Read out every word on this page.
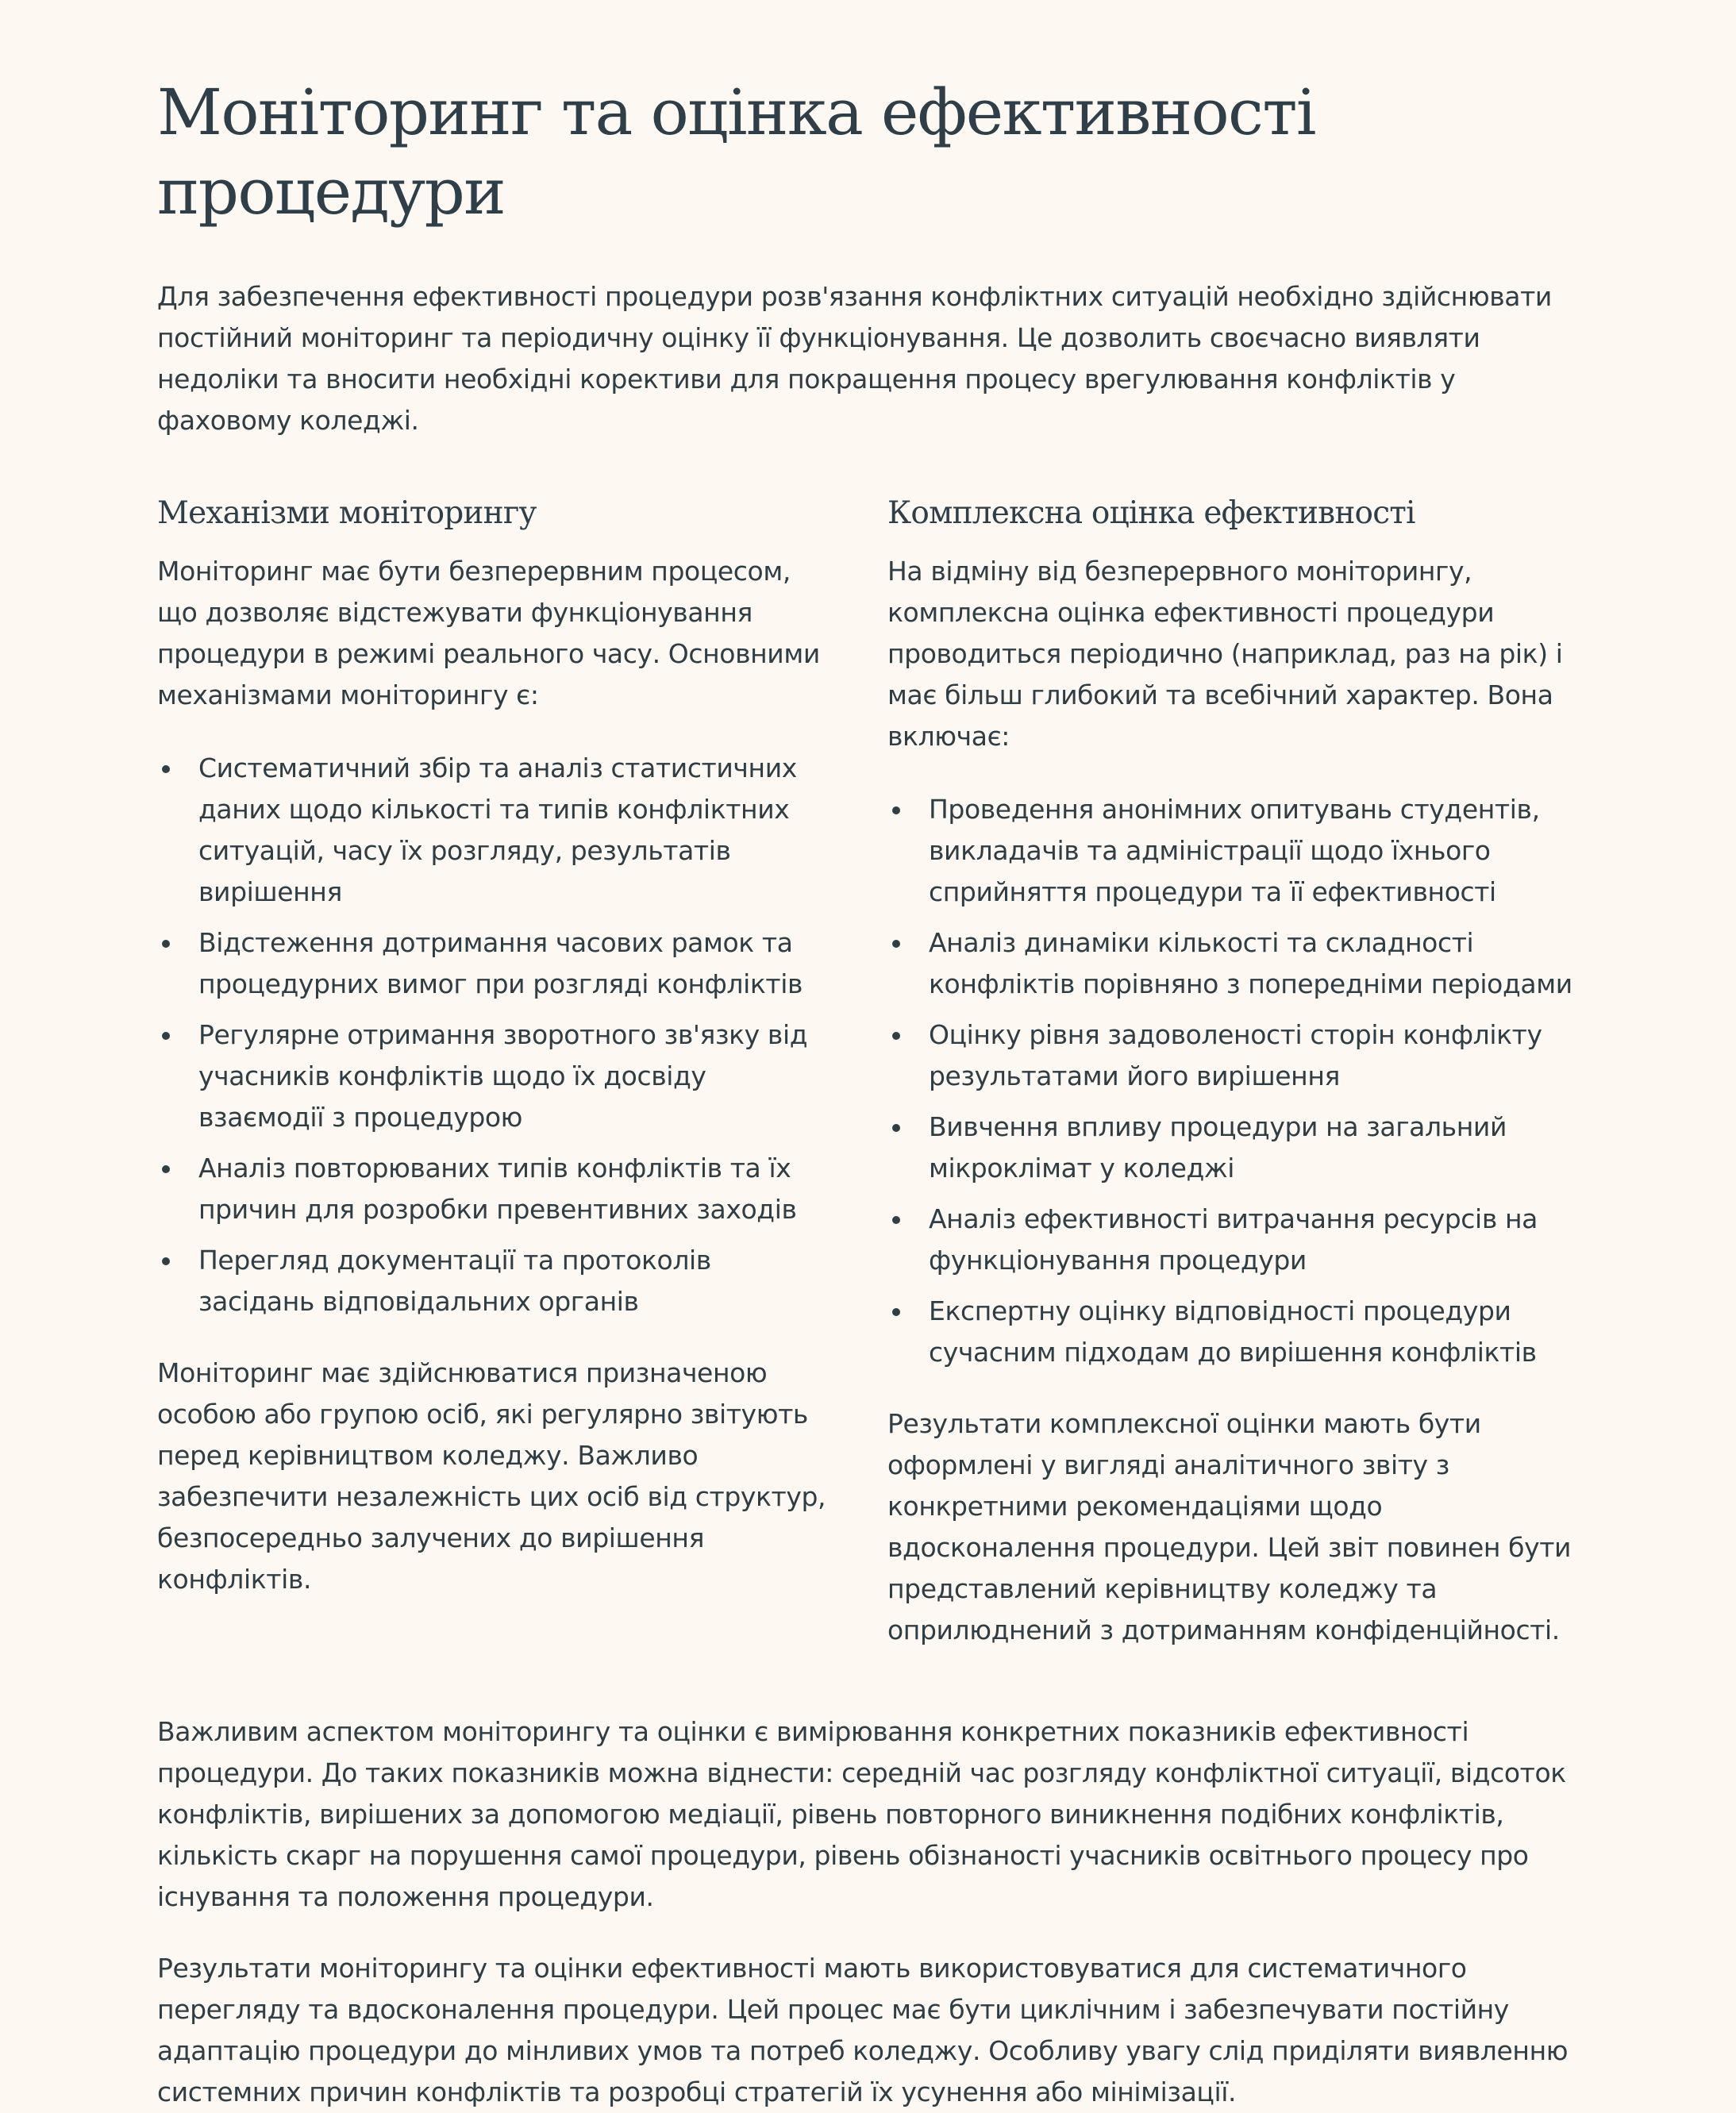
Моніторинг та оцінка ефективності процедури

Для забезпечення ефективності процедури розв'язання конфліктних ситуацій необхідно здійснювати постійний моніторинг та періодичну оцінку її функціонування. Це дозволить своєчасно виявляти недоліки та вносити необхідні корективи для покращення процесу врегулювання конфліктів у фаховому коледжі.

Механізми моніторингу

Моніторинг має бути безперервним процесом, що дозволяє відстежувати функціонування процедури в режимі реального часу. Основними механізмами моніторингу є:

Систематичний збір та аналіз статистичних даних щодо кількості та типів конфліктних ситуацій, часу їх розгляду, результатів вирішення
Відстеження дотримання часових рамок та процедурних вимог при розгляді конфліктів
Регулярне отримання зворотного зв'язку від учасників конфліктів щодо їх досвіду взаємодії з процедурою
Аналіз повторюваних типів конфліктів та їх причин для розробки превентивних заходів
Перегляд документації та протоколів засідань відповідальних органів

Моніторинг має здійснюватися призначеною особою або групою осіб, які регулярно звітують перед керівництвом коледжу. Важливо забезпечити незалежність цих осіб від структур, безпосередньо залучених до вирішення конфліктів.

Комплексна оцінка ефективності

На відміну від безперервного моніторингу, комплексна оцінка ефективності процедури проводиться періодично (наприклад, раз на рік) і має більш глибокий та всебічний характер. Вона включає:

Проведення анонімних опитувань студентів, викладачів та адміністрації щодо їхнього сприйняття процедури та її ефективності
Аналіз динаміки кількості та складності конфліктів порівняно з попередніми періодами
Оцінку рівня задоволеності сторін конфлікту результатами його вирішення
Вивчення впливу процедури на загальний мікроклімат у коледжі
Аналіз ефективності витрачання ресурсів на функціонування процедури
Експертну оцінку відповідності процедури сучасним підходам до вирішення конфліктів

Результати комплексної оцінки мають бути оформлені у вигляді аналітичного звіту з конкретними рекомендаціями щодо вдосконалення процедури. Цей звіт повинен бути представлений керівництву коледжу та оприлюднений з дотриманням конфіденційності.

Важливим аспектом моніторингу та оцінки є вимірювання конкретних показників ефективності процедури. До таких показників можна віднести: середній час розгляду конфліктної ситуації, відсоток конфліктів, вирішених за допомогою медіації, рівень повторного виникнення подібних конфліктів, кількість скарг на порушення самої процедури, рівень обізнаності учасників освітнього процесу про існування та положення процедури.

Результати моніторингу та оцінки ефективності мають використовуватися для систематичного перегляду та вдосконалення процедури. Цей процес має бути циклічним і забезпечувати постійну адаптацію процедури до мінливих умов та потреб коледжу. Особливу увагу слід приділяти виявленню системних причин конфліктів та розробці стратегій їх усунення або мінімізації.
